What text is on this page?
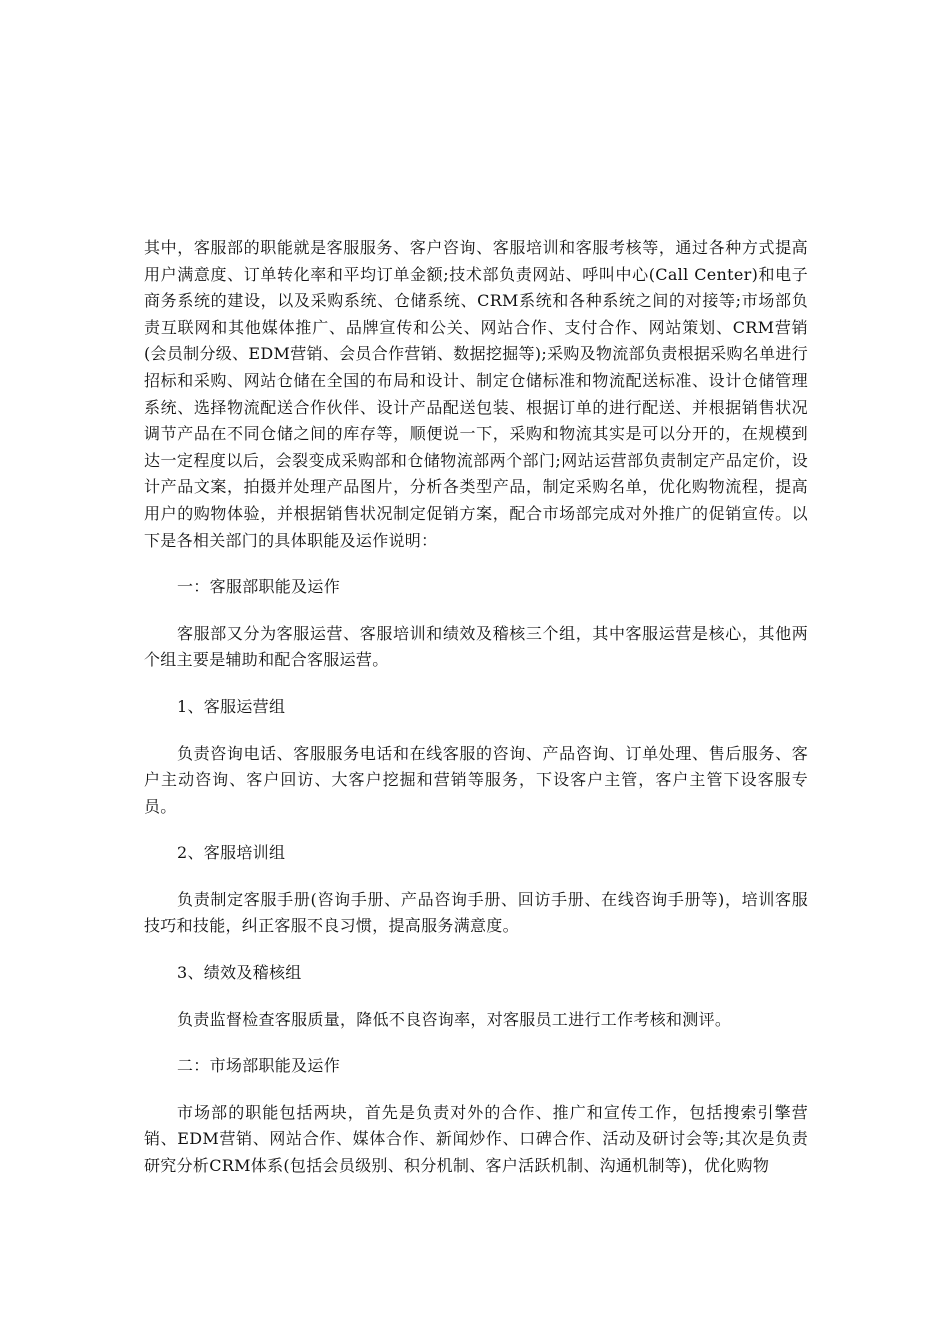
其中，客服部的职能就是客服服务、客户咨询、客服培训和客服考核等，通过各种方式提高用户满意度、订单转化率和平均订单金额;技术部负责网站、呼叫中心(Call Center)和电子商务系统的建设，以及采购系统、仓储系统、CRM系统和各种系统之间的对接等;市场部负责互联网和其他媒体推广、品牌宣传和公关、网站合作、支付合作、网站策划、CRM营销(会员制分级、EDM营销、会员合作营销、数据挖掘等);采购及物流部负责根据采购名单进行招标和采购、网站仓储在全国的布局和设计、制定仓储标准和物流配送标准、设计仓储管理系统、选择物流配送合作伙伴、设计产品配送包装、根据订单的进行配送、并根据销售状况调节产品在不同仓储之间的库存等，顺便说一下，采购和物流其实是可以分开的，在规模到达一定程度以后，会裂变成采购部和仓储物流部两个部门;网站运营部负责制定产品定价，设计产品文案，拍摄并处理产品图片，分析各类型产品，制定采购名单，优化购物流程，提高用户的购物体验，并根据销售状况制定促销方案，配合市场部完成对外推广的促销宣传。以下是各相关部门的具体职能及运作说明：

一：客服部职能及运作

客服部又分为客服运营、客服培训和绩效及稽核三个组，其中客服运营是核心，其他两个组主要是辅助和配合客服运营。

1、客服运营组

负责咨询电话、客服服务电话和在线客服的咨询、产品咨询、订单处理、售后服务、客户主动咨询、客户回访、大客户挖掘和营销等服务，下设客户主管，客户主管下设客服专员。

2、客服培训组

负责制定客服手册(咨询手册、产品咨询手册、回访手册、在线咨询手册等)，培训客服技巧和技能，纠正客服不良习惯，提高服务满意度。

3、绩效及稽核组

负责监督检查客服质量，降低不良咨询率，对客服员工进行工作考核和测评。

二：市场部职能及运作

市场部的职能包括两块，首先是负责对外的合作、推广和宣传工作，包括搜索引擎营销、EDM营销、网站合作、媒体合作、新闻炒作、口碑合作、活动及研讨会等;其次是负责研究分析CRM体系(包括会员级别、积分机制、客户活跃机制、沟通机制等)，优化购物
